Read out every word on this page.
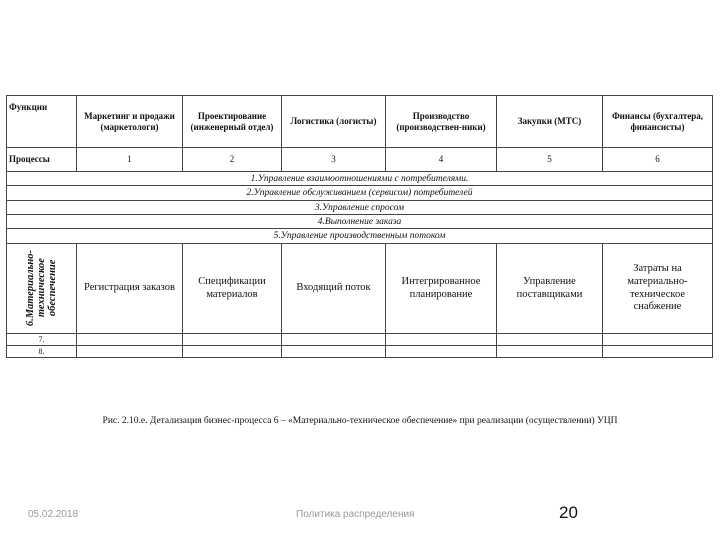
Функции	Маркетинг и продажи (маркетологи)	Проектирование (инженерный отдел)	Логистика (логисты)	Производство (производствен-ники)	Закупки (МТС)	Финансы (бухгалтера, финансисты)
Процессы	1	2	3	4	5	6
1.Управление взаимоотношениями с потребителями.						
2.Управление обслуживанием (сервисом) потребителей						
3.Управление спросом						
4.Выполнение заказа						
5.Управление производственным потоком						

6.Материально-
техническое
обеспечение	Регистрация заказов	Спецификации материалов	Входящий поток	Интегрированное планирование	Управление поставщиками	Затраты на материально-техническое снабжение
7.						
8.						
Рис. 2.10.е. Детализация бизнес-процесса 6 – «Материально-техническое обеспечение» при реализации (осуществлении) УЦП
05.02.2018	Политика распределения	20
